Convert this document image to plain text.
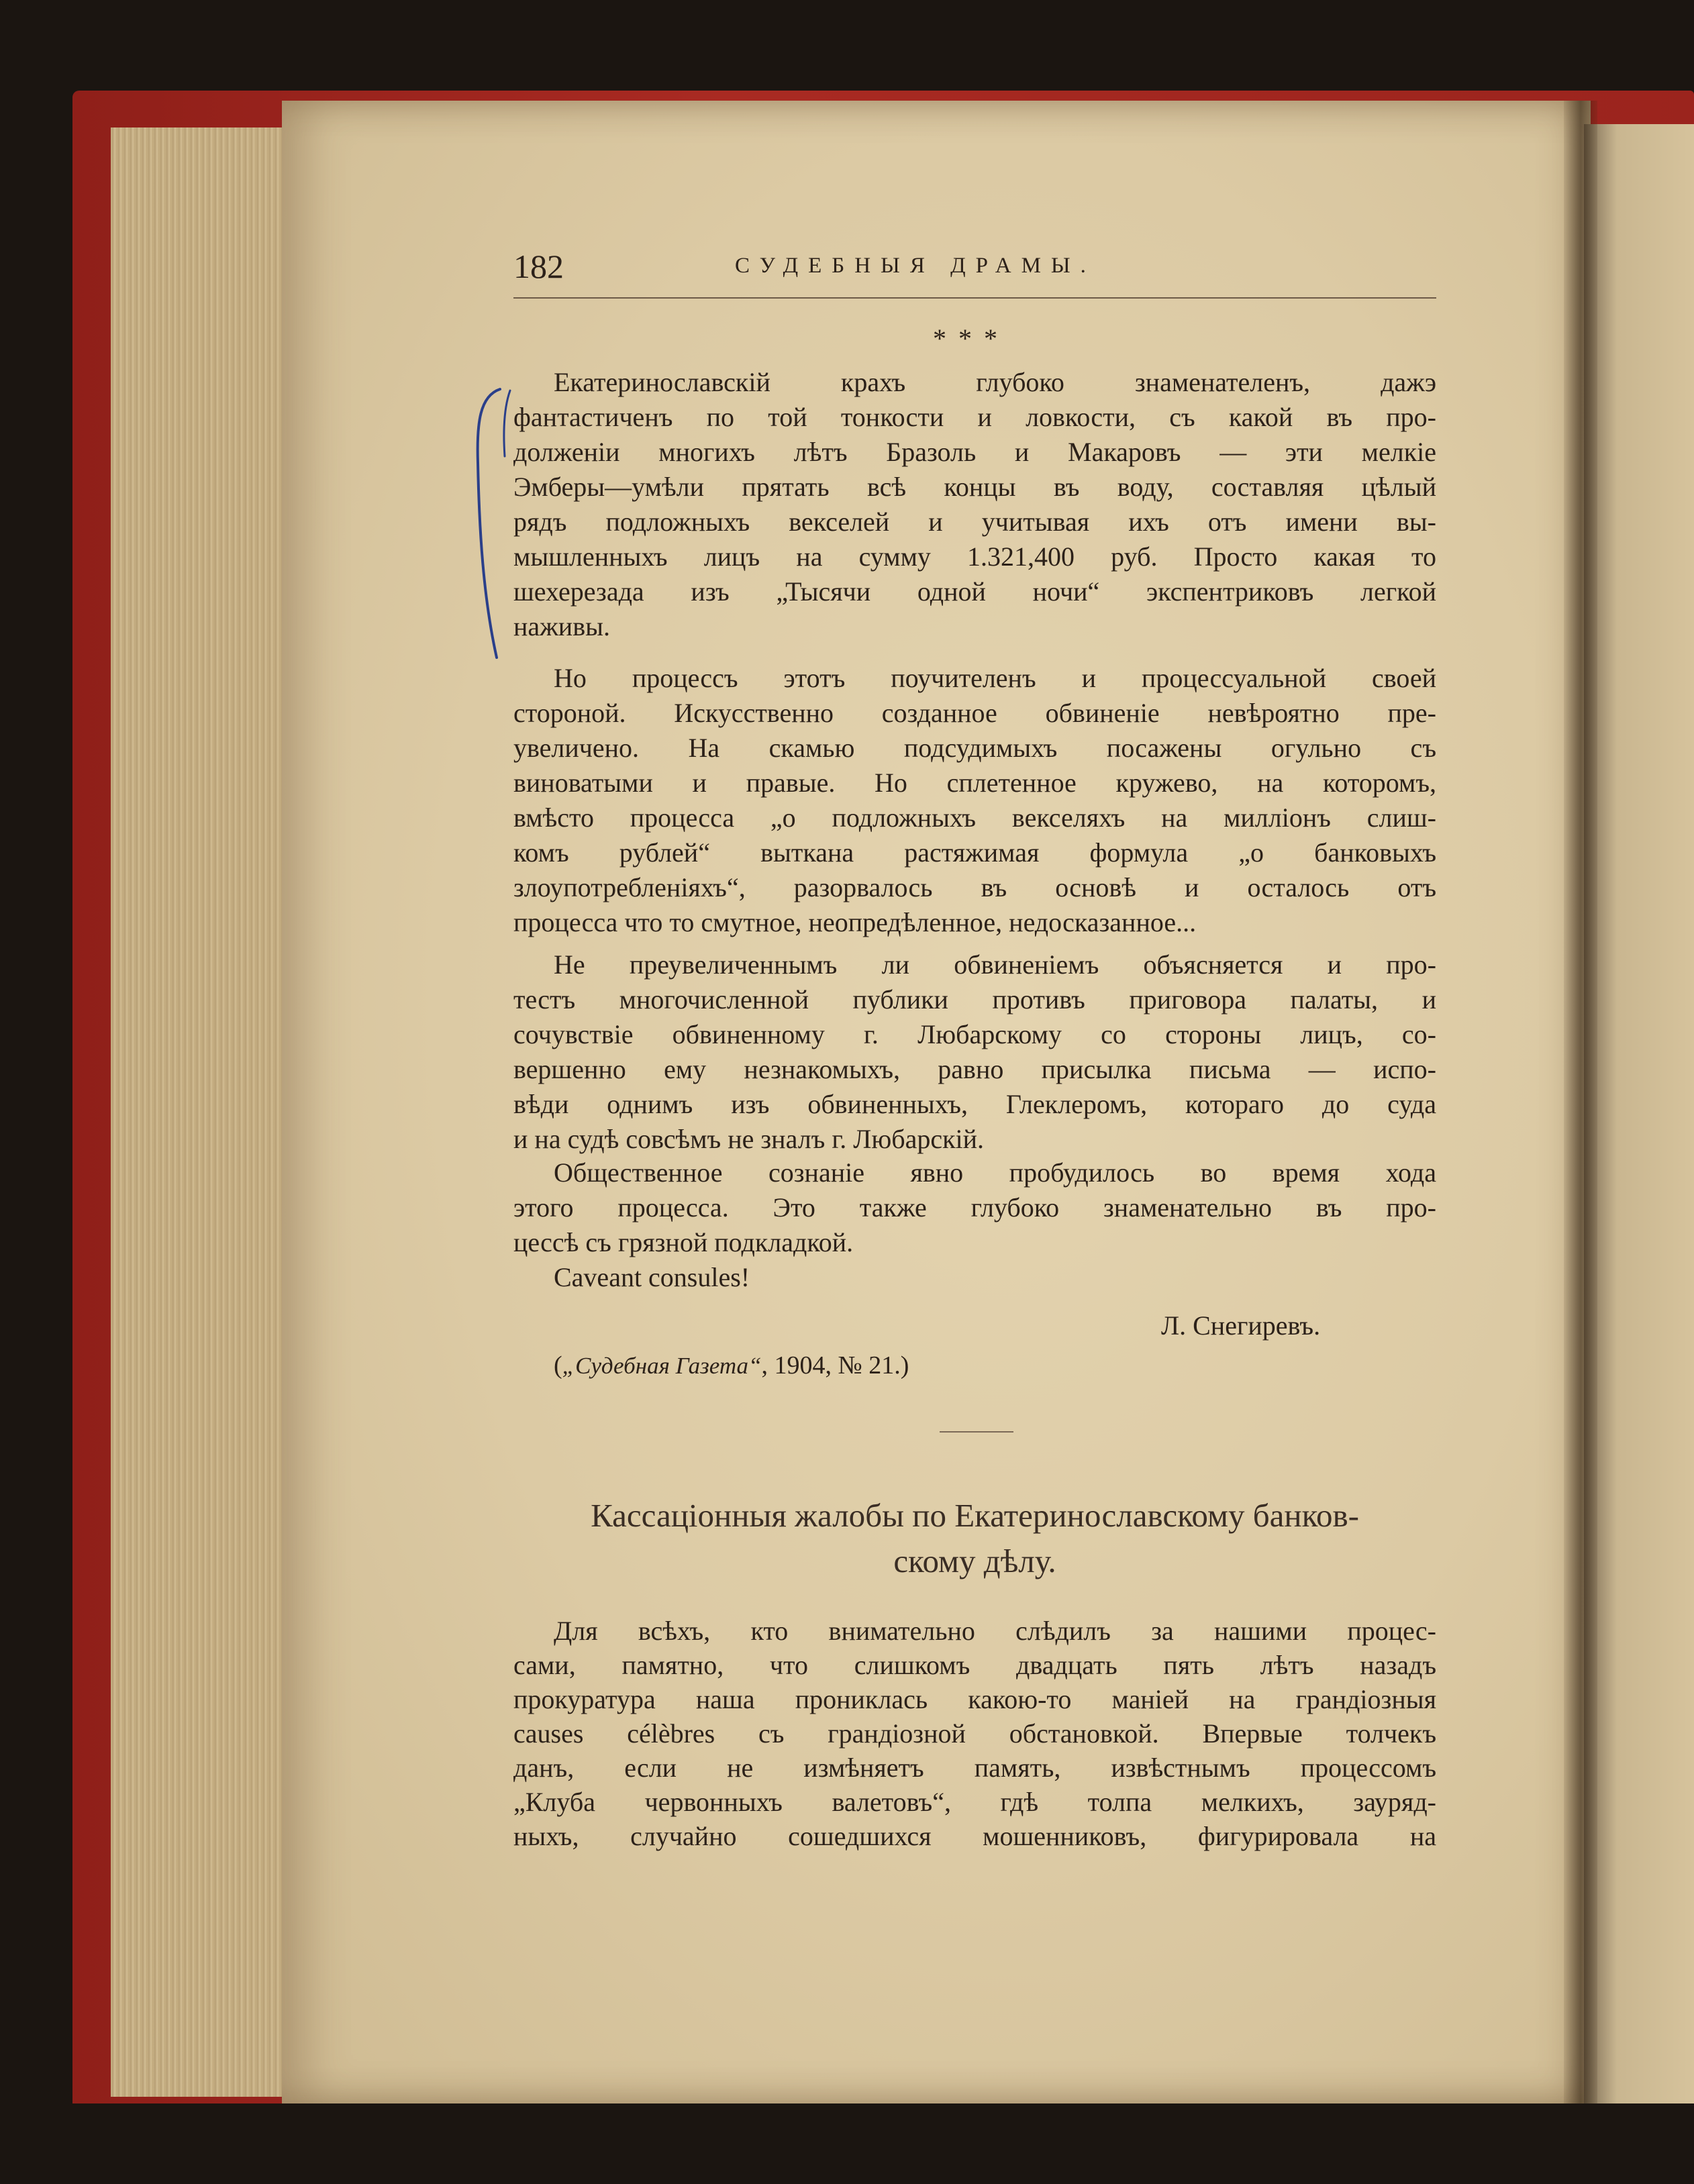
182	СУДЕБНЫЯ ДРАМЫ.
* * *
Екатеринославскій крахъ глубоко знаменателенъ, дажэ
фантастиченъ по той тонкости и ловкости, съ какой въ про-
долженіи многихъ лѣтъ Бразоль и Макаровъ — эти мелкіе
Эмберы—умѣли прятать всѣ концы въ воду, составляя цѣлый
рядъ подложныхъ векселей и учитывая ихъ отъ имени вы-
мышленныхъ лицъ на сумму 1.321,400 руб. Просто какая то
шехерезада изъ „Тысячи одной ночи“ экспентриковъ легкой
наживы.
Но процессъ этотъ поучителенъ и процессуальной своей
стороной. Искусственно созданное обвиненіе невѣроятно пре-
увеличено. На скамью подсудимыхъ посажены огульно съ
виноватыми и правые. Но сплетенное кружево, на которомъ,
вмѣсто процесса „о подложныхъ векселяхъ на милліонъ слиш-
комъ рублей“ выткана растяжимая формула „о банковыхъ
злоупотребленіяхъ“, разорвалось въ основѣ и осталось отъ
процесса что то смутное, неопредѣленное, недосказанное...
Не преувеличеннымъ ли обвиненіемъ объясняется и про-
тестъ многочисленной публики противъ приговора палаты, и
сочувствіе обвиненному г. Любарскому со стороны лицъ, со-
вершенно ему незнакомыхъ, равно присылка письма — испо-
вѣди однимъ изъ обвиненныхъ, Глеклеромъ, котораго до суда
и на судѣ совсѣмъ не зналъ г. Любарскій.
Общественное сознаніе явно пробудилось во время хода
этого процесса. Это также глубоко знаменательно въ про-
цессѣ съ грязной подкладкой.
Caveant consules!
Л. Снегиревъ.
(„Судебная Газета“, 1904, № 21.)
Кассаціонныя жалобы по Екатеринославскому банков-
скому дѣлу.
Для всѣхъ, кто внимательно слѣдилъ за нашими процес-
сами, памятно, что слишкомъ двадцать пять лѣтъ назадъ
прокуратура наша прониклась какою-то маніей на грандіозныя
causes célèbres съ грандіозной обстановкой. Впервые толчекъ
данъ, если не измѣняетъ память, извѣстнымъ процессомъ
„Клуба червонныхъ валетовъ“, гдѣ толпа мелкихъ, зауряд-
ныхъ, случайно сошедшихся мошенниковъ, фигурировала на
